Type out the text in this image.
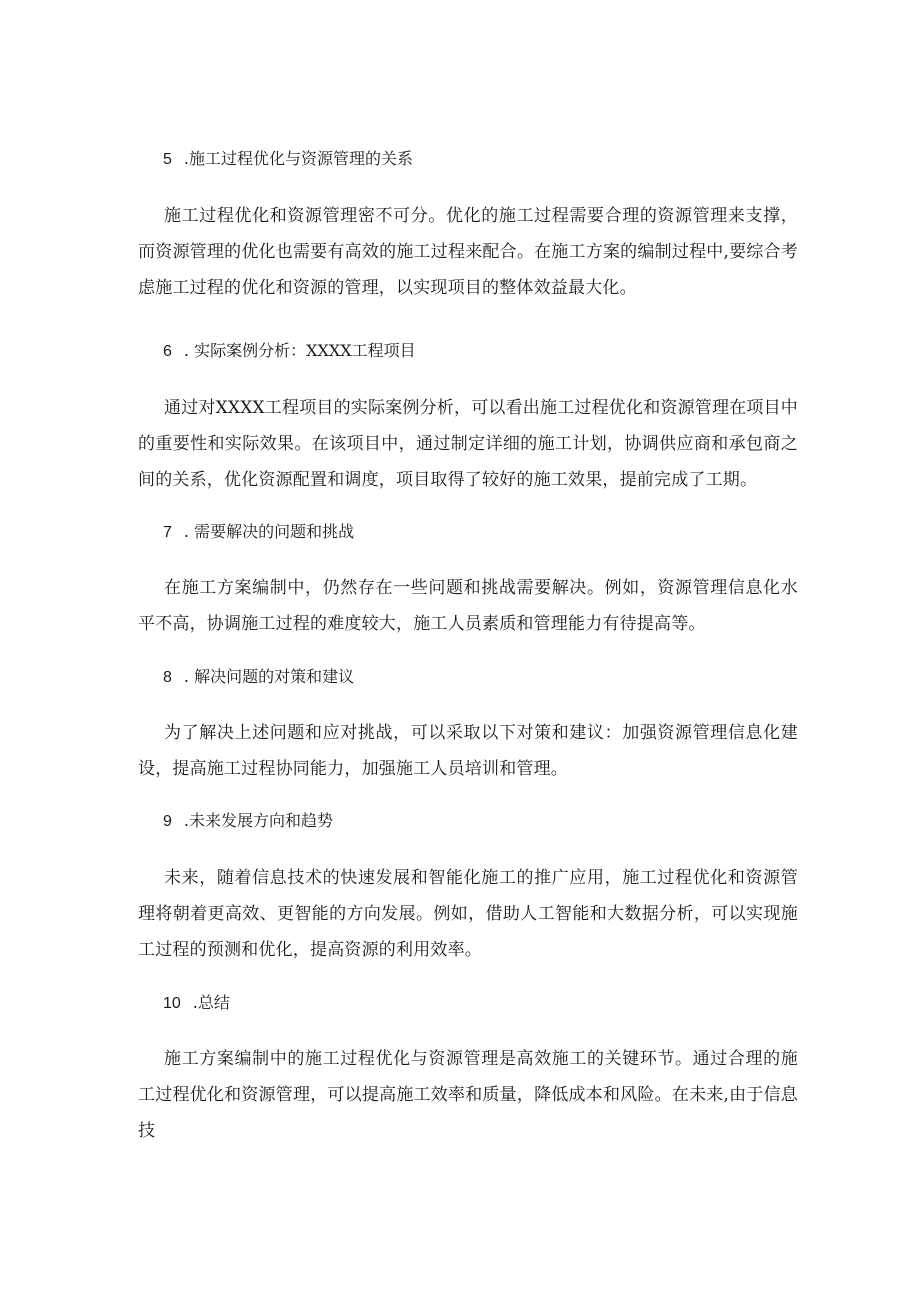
5 .施工过程优化与资源管理的关系
施工过程优化和资源管理密不可分。优化的施工过程需要合理的资源管理来支撑，而资源管理的优化也需要有高效的施工过程来配合。在施工方案的编制过程中,要综合考虑施工过程的优化和资源的管理，以实现项目的整体效益最大化。
6 . 实际案例分析：XXXX工程项目
通过对XXXX工程项目的实际案例分析，可以看出施工过程优化和资源管理在项目中的重要性和实际效果。在该项目中，通过制定详细的施工计划，协调供应商和承包商之间的关系，优化资源配置和调度，项目取得了较好的施工效果，提前完成了工期。
7 . 需要解决的问题和挑战
在施工方案编制中，仍然存在一些问题和挑战需要解决。例如，资源管理信息化水平不高，协调施工过程的难度较大，施工人员素质和管理能力有待提高等。
8 . 解决问题的对策和建议
为了解决上述问题和应对挑战，可以采取以下对策和建议：加强资源管理信息化建设，提高施工过程协同能力，加强施工人员培训和管理。
9 .未来发展方向和趋势
未来，随着信息技术的快速发展和智能化施工的推广应用，施工过程优化和资源管理将朝着更高效、更智能的方向发展。例如，借助人工智能和大数据分析，可以实现施工过程的预测和优化，提高资源的利用效率。
10 .总结
施工方案编制中的施工过程优化与资源管理是高效施工的关键环节。通过合理的施工过程优化和资源管理，可以提高施工效率和质量，降低成本和风险。在未来,由于信息技
